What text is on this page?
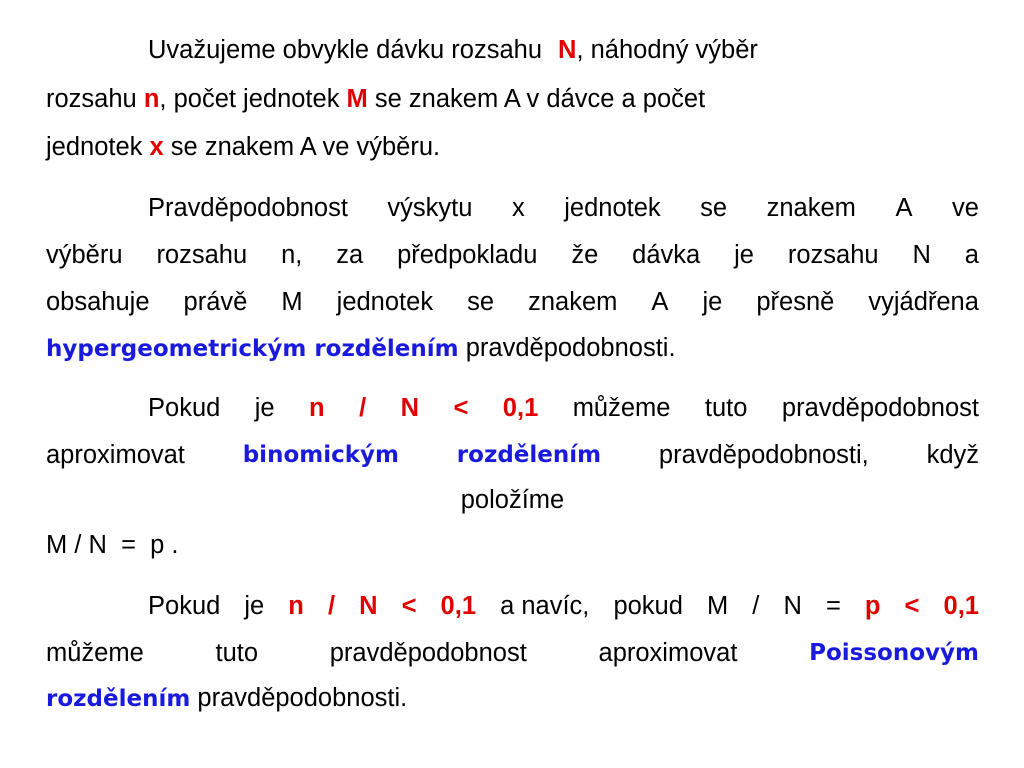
Uvažujeme obvykle dávku rozsahu N, náhodný výběr
rozsahu n, počet jednotek M se znakem A v dávce a počet
jednotek x se znakem A ve výběru.
Pravděpodobnost výskytu x jednotek se znakem A ve
výběru rozsahu n, za předpokladu že dávka je rozsahu N a
obsahuje právě M jednotek se znakem A je přesně vyjádřena
hypergeometrickým rozdělením pravděpodobnosti.
Pokud je n / N < 0,1 můžeme tuto pravděpodobnost
aproximovat	binomickým	rozdělením pravděpodobnosti, když
položíme
M / N  =  p .
Pokud je n / N < 0,1 a navíc, pokud M / N = p < 0,1
můžeme	tuto	pravděpodobnost	aproximovat	Poissonovým
rozdělením pravděpodobnosti.
